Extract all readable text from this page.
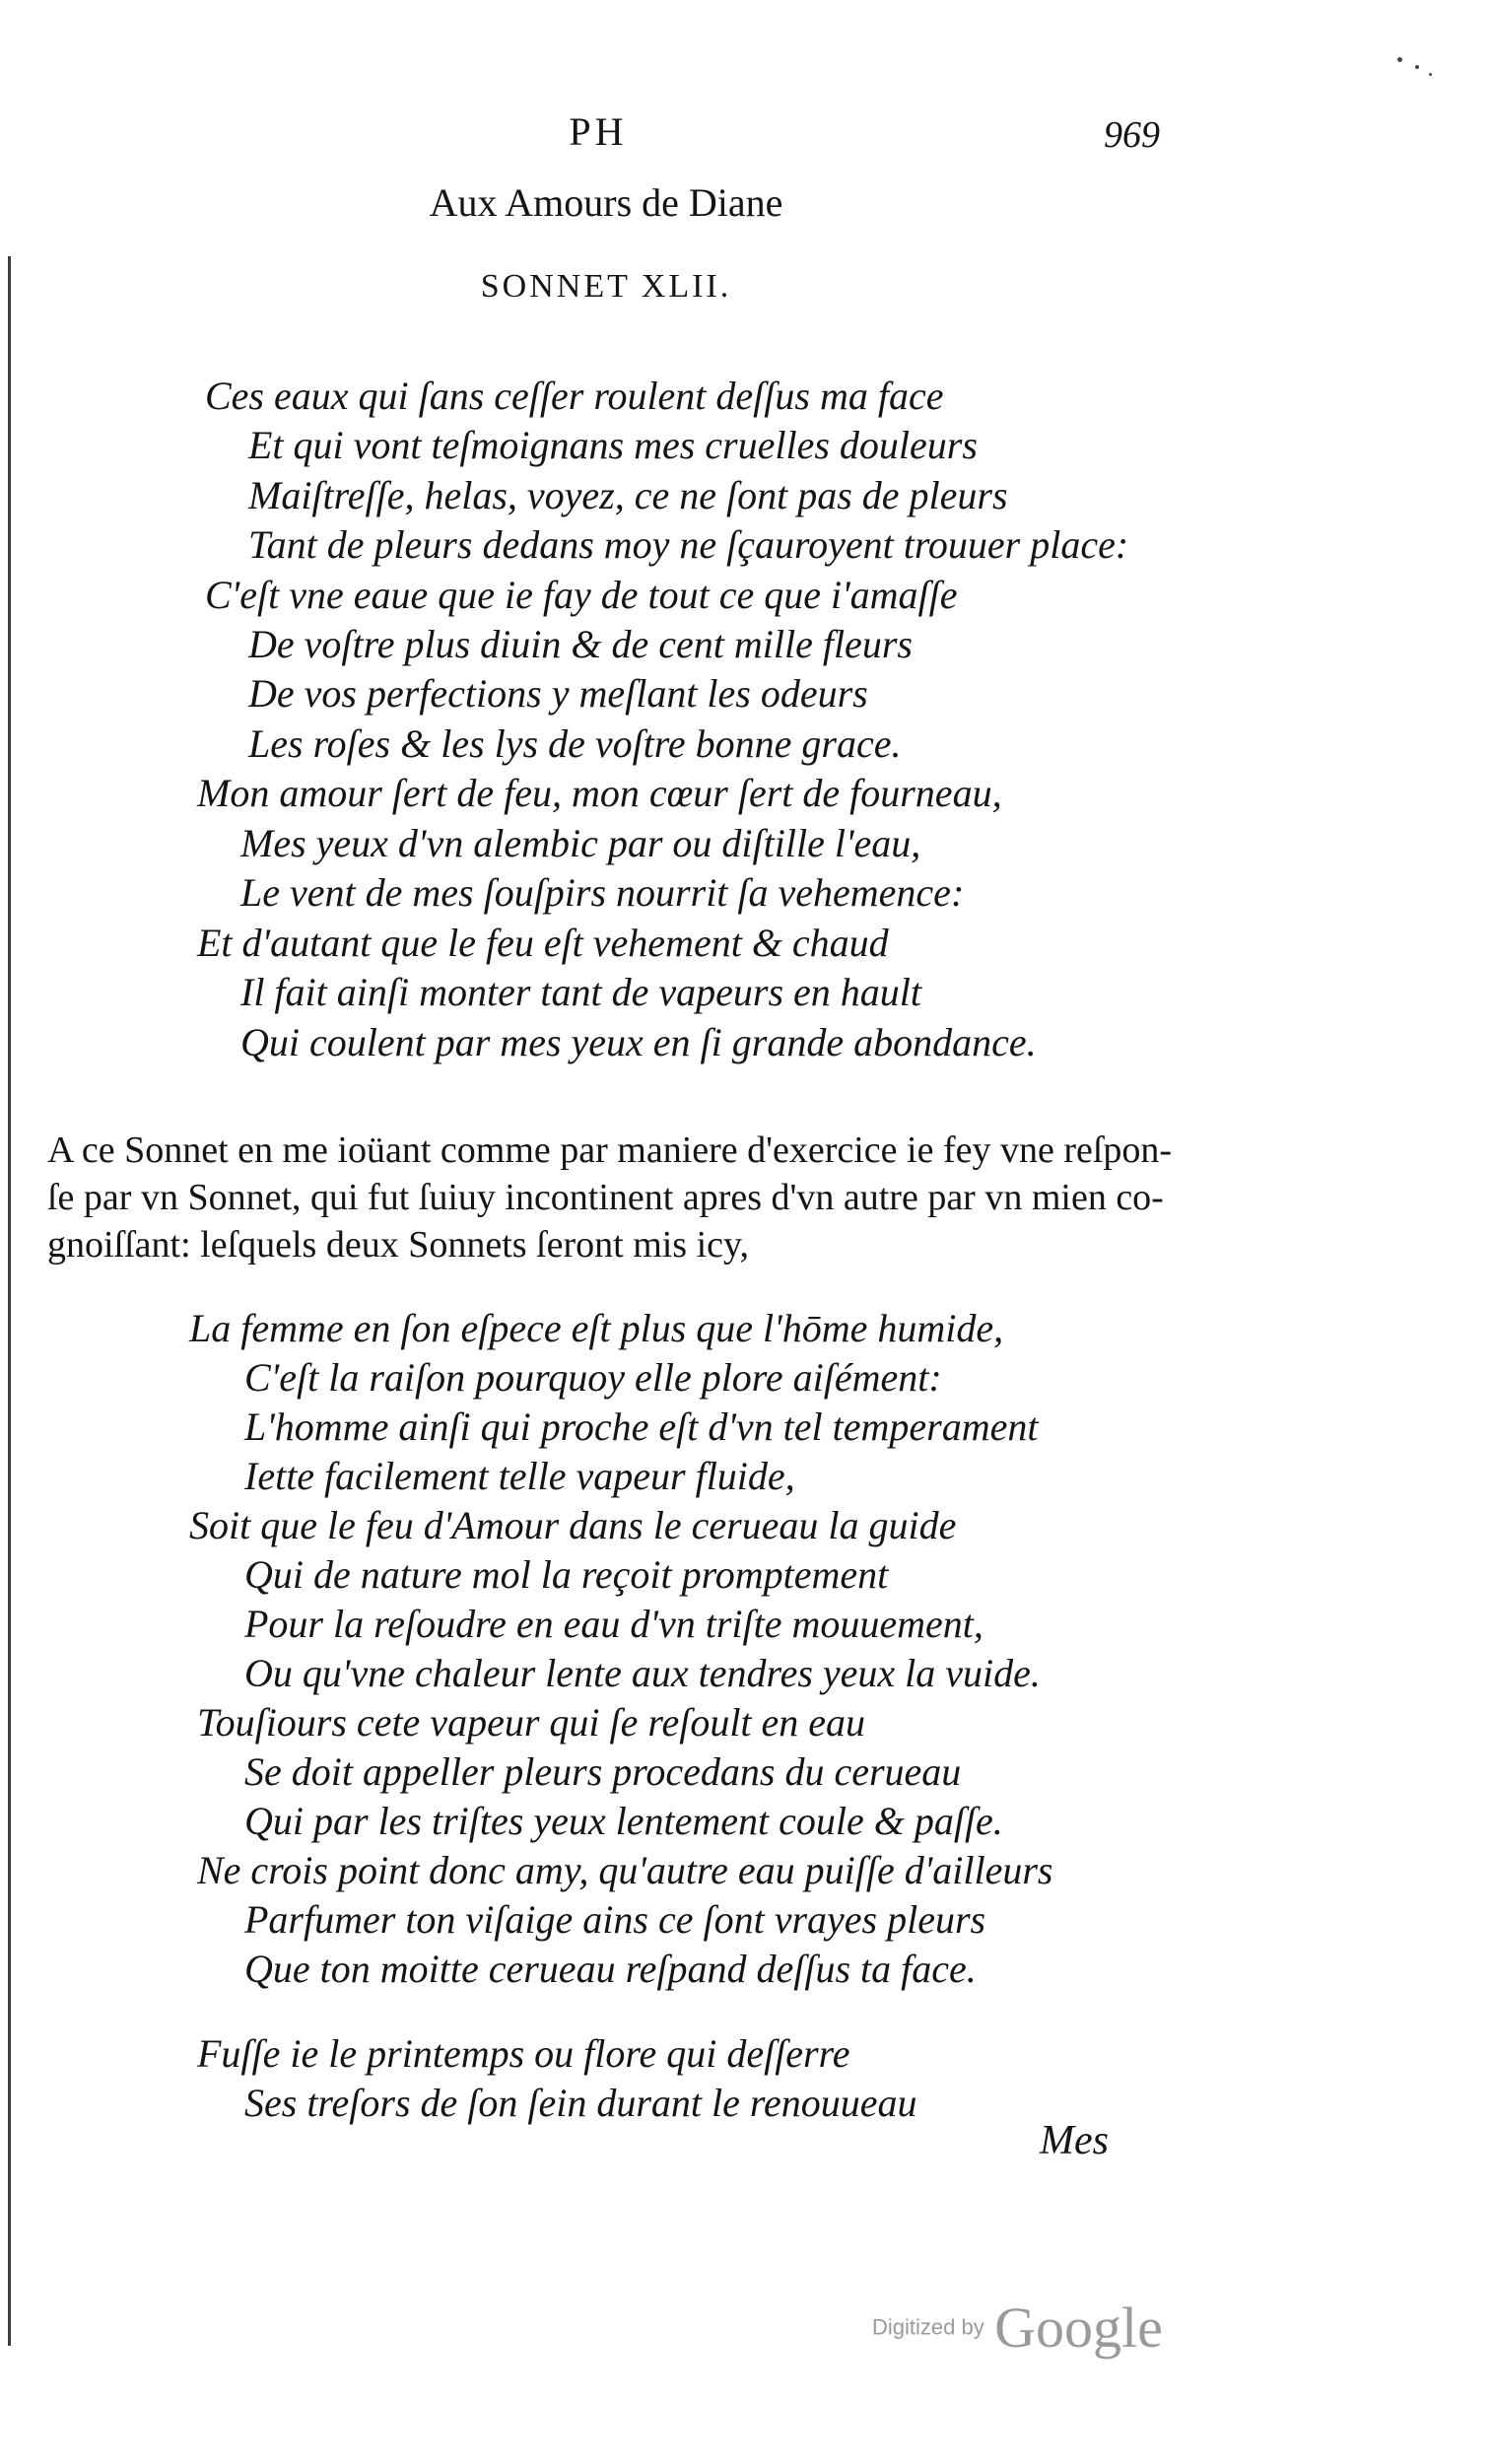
PH	969
Aux Amours de Diane
SONNET XLII.
Ces eaux qui ſans ceſſer roulent deſſus ma face
Et qui vont teſmoignans mes cruelles douleurs
Maiſtreſſe, helas, voyez, ce ne ſont pas de pleurs
Tant de pleurs dedans moy ne ſçauroyent trouuer place:
C'eſt vne eaue que ie fay de tout ce que i'amaſſe
De voſtre plus diuin & de cent mille fleurs
De vos perfections y meſlant les odeurs
Les roſes & les lys de voſtre bonne grace.
Mon amour ſert de feu, mon cœur ſert de fourneau,
Mes yeux d'vn alembic par ou diſtille l'eau,
Le vent de mes ſouſpirs nourrit ſa vehemence:
Et d'autant que le feu eſt vehement & chaud
Il fait ainſi monter tant de vapeurs en hault
Qui coulent par mes yeux en ſi grande abondance.
A ce Sonnet en me ioüant comme par maniere d'exercice ie fey vne reſpon-
ſe par vn Sonnet, qui fut ſuiuy incontinent apres d'vn autre par vn mien co-
gnoiſſant: leſquels deux Sonnets ſeront mis icy,
La femme en ſon eſpece eſt plus que l'hōme humide,
C'eſt la raiſon pourquoy elle plore aiſément:
L'homme ainſi qui proche eſt d'vn tel temperament
Iette facilement telle vapeur fluide,
Soit que le feu d'Amour dans le cerueau la guide
Qui de nature mol la reçoit promptement
Pour la reſoudre en eau d'vn triſte mouuement,
Ou qu'vne chaleur lente aux tendres yeux la vuide.
Touſiours cete vapeur qui ſe reſoult en eau
Se doit appeller pleurs procedans du cerueau
Qui par les triſtes yeux lentement coule & paſſe.
Ne crois point donc amy, qu'autre eau puiſſe d'ailleurs
Parfumer ton viſaige ains ce ſont vrayes pleurs
Que ton moitte cerueau reſpand deſſus ta face.
Fuſſe ie le printemps ou flore qui deſſerre
Ses treſors de ſon ſein durant le renouueau
Mes
Digitized by Google
